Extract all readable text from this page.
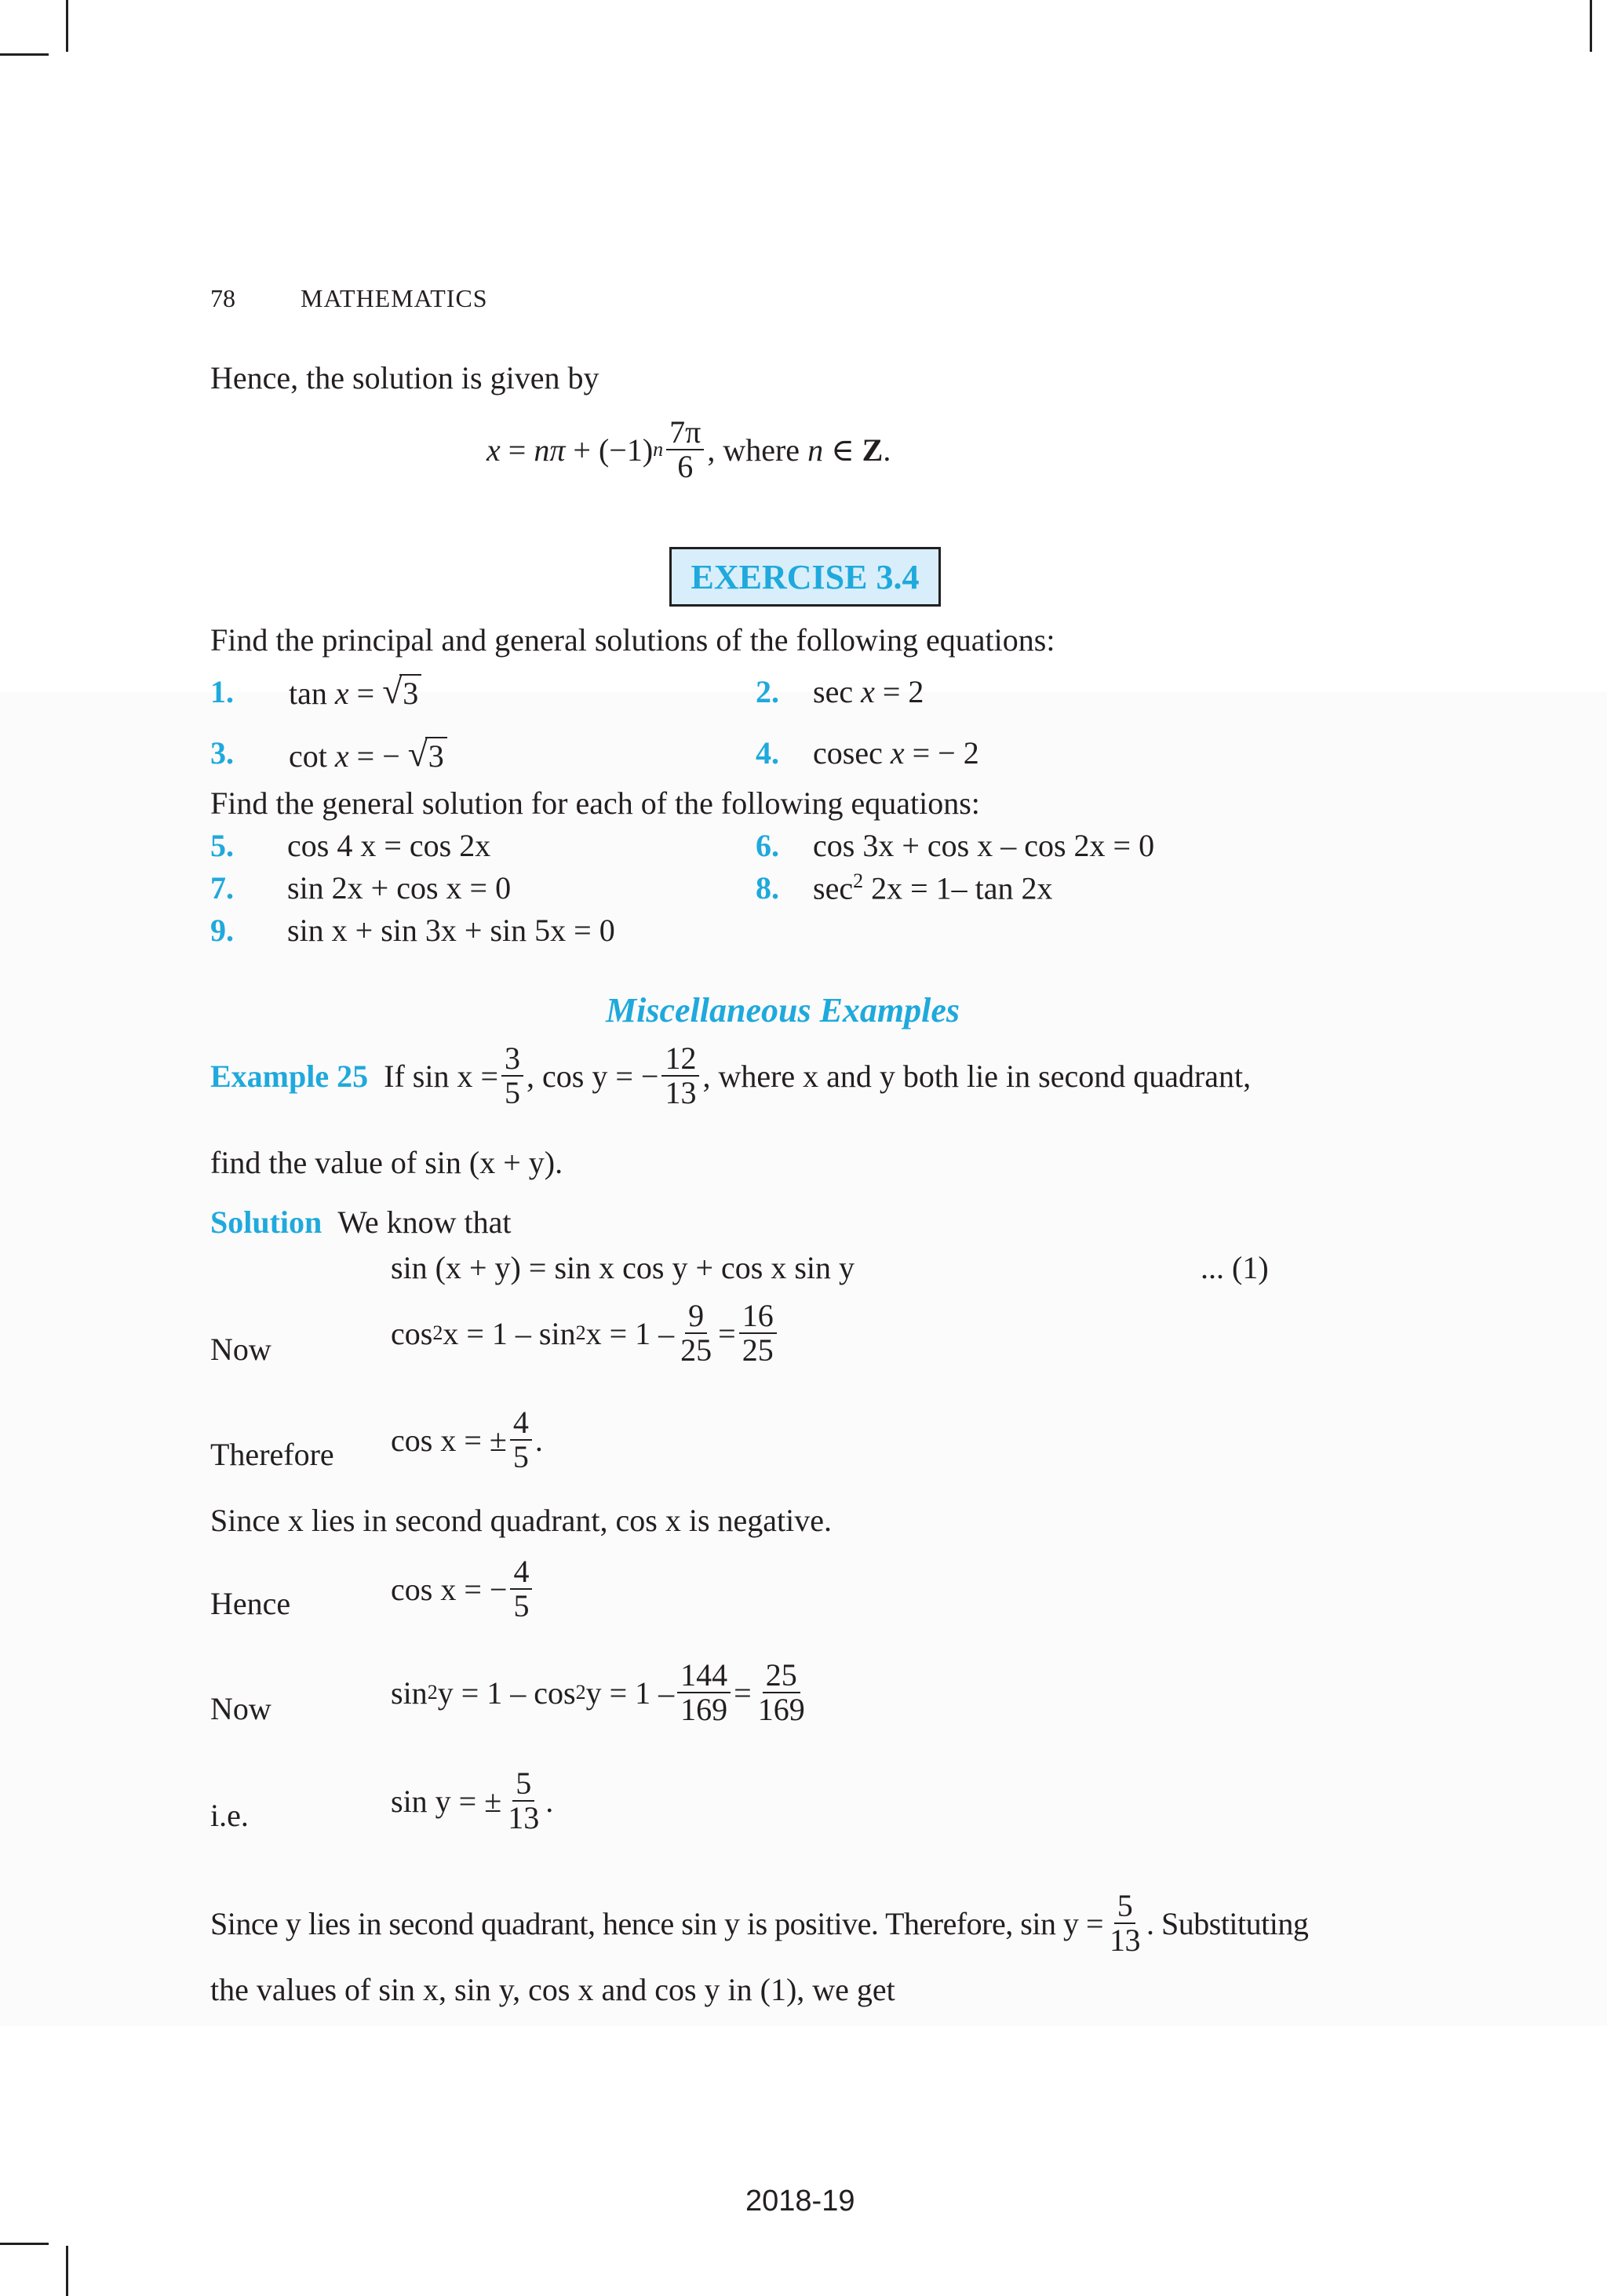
78	MATHEMATICS
Hence, the solution is given by
x
=
nπ
+
(−1) n $\frac{7\pi}{6}$ , where
n
∈
Z .
EXERCISE 3.4
Find the principal and general solutions of the following equations:
1. tan x = √ 3	2. sec x = 2
3. cot x = − √ 3	4. cosec x = − 2
Find the general solution for each of the following equations:
5. cos 4 x = cos 2x	6. cos 3x + cos x – cos 2x = 0
7. sin 2x + cos x = 0	8. $\sec^2 2x = 1-$ tan 2x
9. sin x + sin 3x + sin 5x = 0
Miscellaneous Examples
Example 25
If $\sin x = \frac{3}{5}$ , cos y = − $\frac{12}{13}$ , where x and y both lie in second quadrant,
find the value of sin (x + y).
Solution We know that
sin (x + y) = sin x cos y + cos x sin y	... (1)
Now	cos 2 x = 1 – sin 2 $x = 1 - \frac{9}{25} = \frac{16}{25}$
Therefore cos x = ± $\frac{4}{5}$ .
Since x lies in second quadrant, cos x is negative.
Hence	cos x = − $\frac{4}{5}$
Now	sin 2 y = 1 – cos 2 $y = 1 - \frac{144}{169} = \frac{25}{169}$
i.e.	sin y = ± $\frac{5}{13}$ .
Since y lies in second quadrant, hence sin y is positive. Therefore, $\sin y = \frac{5}{13}$ . Substituting
the values of sin x, sin y, cos x and cos y in (1), we get
2018-19
